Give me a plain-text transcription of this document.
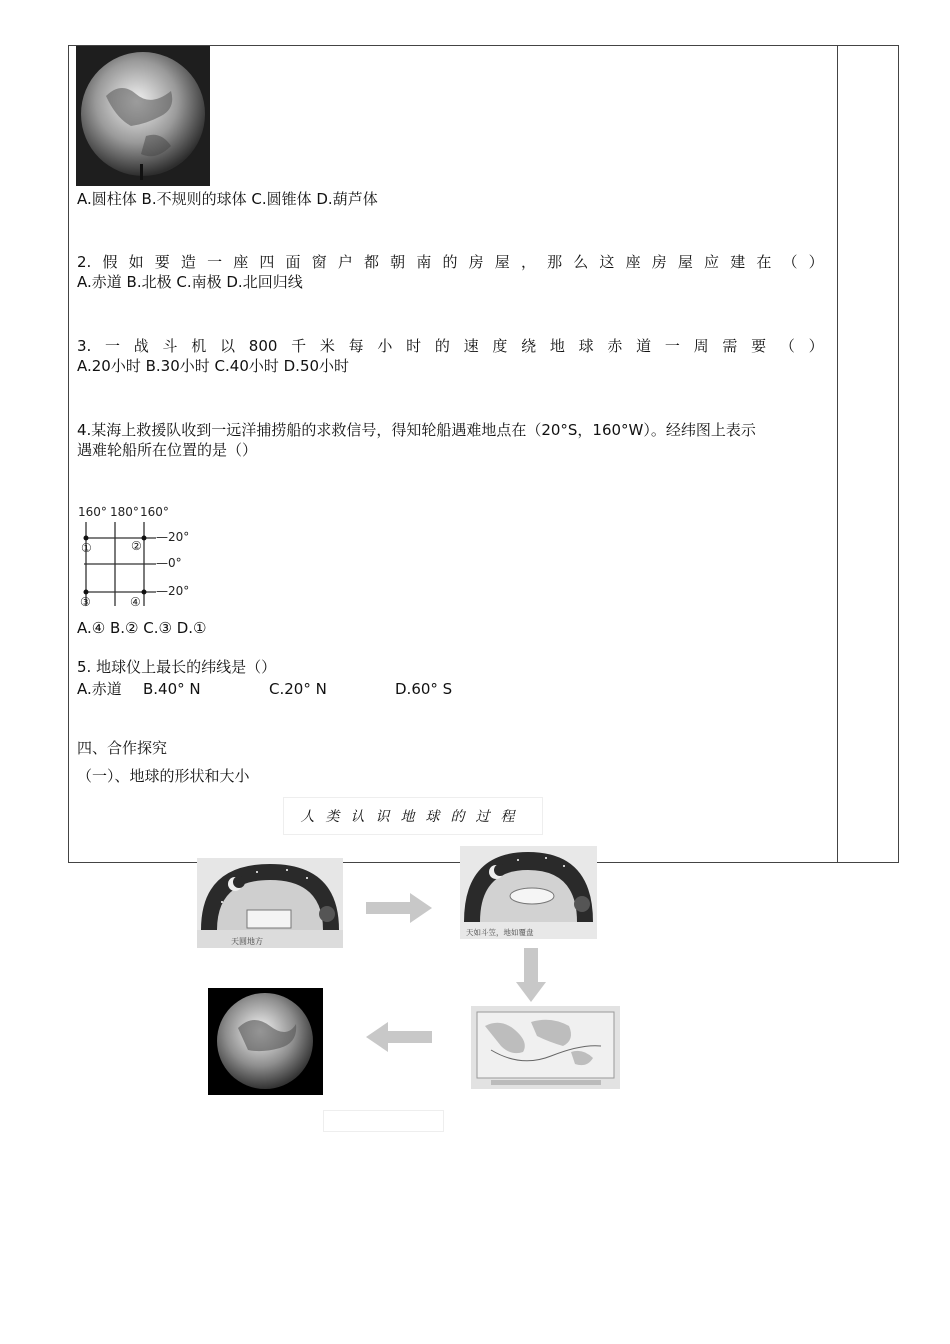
A.圆柱体 B.不规则的球体 C.圆锥体 D.葫芦体
2. 假 如 要 造 一 座 四 面 窗 户 都 朝 南 的 房 屋 ， 那 么 这 座 房 屋 应 建 在 （ ）
A.赤道 B.北极 C.南极 D.北回归线
3. 一 战 斗 机 以 800 千 米 每 小 时 的 速 度 绕 地 球 赤 道 一 周 需 要 （ ）
A.20小时 B.30小时 C.40小时 D.50小时
4.某海上救援队收到一远洋捕捞船的求救信号，得知轮船遇难地点在（20°S，160°W）。经纬图上表示
遇难轮船所在位置的是（）
160° 180° 160°
—20°
—0°
—20°
①	②
③	④
A.④ B.② C.③ D.①
5. 地球仪上最长的纬线是（）
A.赤道 B.40° N	C.20° N	D.60° S
四、合作探究
（一）、地球的形状和大小
人类认识地球的过程
天圆地方
天如斗笠，地如覆盘
